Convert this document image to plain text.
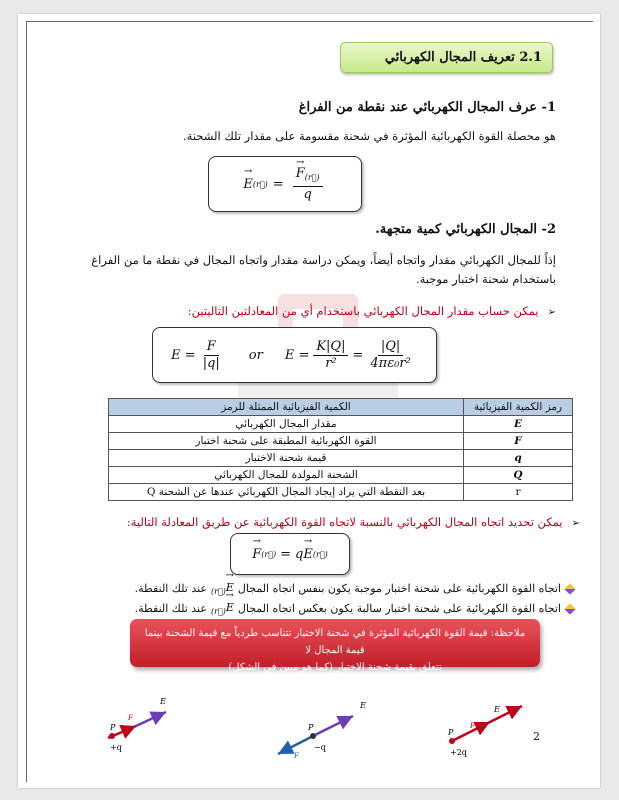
2.1 تعريف المجال الكهربائي
1- عرف المجال الكهربائي عند نقطة من الفراغ
هو محصلة القوة الكهربائية المؤثرة في شحنة مقسومة على مقدار تلك الشحنة.
→ E (r⃗) = → $\frac{F_{(r⃗)}}{q}$
2- المجال الكهربائي كمية متجهة.
إذاً للمجال الكهربائي مقدار واتجاه أيضاً، ويمكن دراسة مقدار واتجاه المجال في نقطة ما من الفراغ
باستخدام شحنة اختبار موجبة.
➢ يمكن حساب مقدار المجال الكهربائي باستخدام أي من المعادلتين التاليتين:
$E = \frac{F}{|q|}$ or $E = \frac{K|Q|}{\text{r²}} = \frac{|Q|}{\text{4πε₀r²}}$
رمز الكمية الفيزيائية	الكمية الفيزيائية الممثلة للرمز
E	مقدار المجال الكهربائي
F	القوة الكهربائية المطبقة على شحنة اختبار
q	قيمة شحنة الاختبار
Q	الشحنة المولدة للمجال الكهربائي
r	بعد النقطة التي يراد إيجاد المجال الكهربائي عندها عن الشحنة Q
➢ يمكن تحديد اتجاه المجال الكهربائي بالنسبة لاتجاه القوة الكهربائية عن طريق المعادلة التالية:
→ F (r⃗) = q → E (r⃗)
اتجاه القوة الكهربائية على شحنة اختبار موجبة يكون بنفس اتجاه المجال
→ $E_{(r⃗)}$
عند تلك النقطة.
اتجاه القوة الكهربائية على شحنة اختبار سالبة يكون بعكس اتجاه المجال
→ $E_{(r⃗)}$
عند تلك النقطة.
ملاحظة: قيمة القوة الكهربائية المؤثرة في شحنة الاختبار تتناسب طردياً مع قيمة الشحنة بينما قيمة المجال لا
تتعلق بقيمة شحنة الاختبار (كما هو مبين في الشكل)
P
+q
E
F
P
−q
E
F
P
+2q
E
F
2
